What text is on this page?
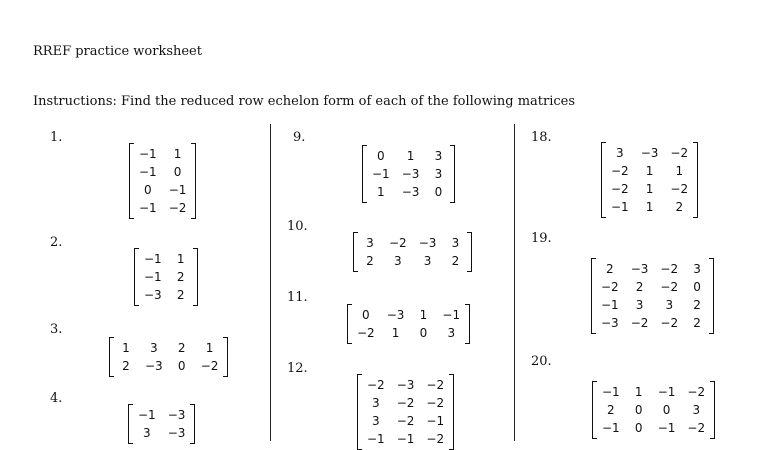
RREF practice worksheet
Instructions: Find the reduced row echelon form of each of the following matrices
1.
−1	1
−1	0
0	−1
−1 −2
2.
−1 1
−1 2
−3 2
3.
1	3	2	1
2 −3 0 −2
4.
−1 −3
3	−3
9.
0	1	3
−1 −3 3
1	−3 0
10.
3 −2 −3 3
2	3	3	2
11.
0	−3 1 −1
−2	1	0	3
12.
−2 −3 −2
3	−2 −2
3	−2 −1
−1 −1 −2
18.
3	−3 −2
−2	1	1
−2	1	−2
−1	1	2
19.
2	−3 −2 3
−2	2	−2 0
−1	3	3	2
−3 −2 −2 2
20.
−1 1 −1 −2
2	0	0	3
−1 0 −1 −2
